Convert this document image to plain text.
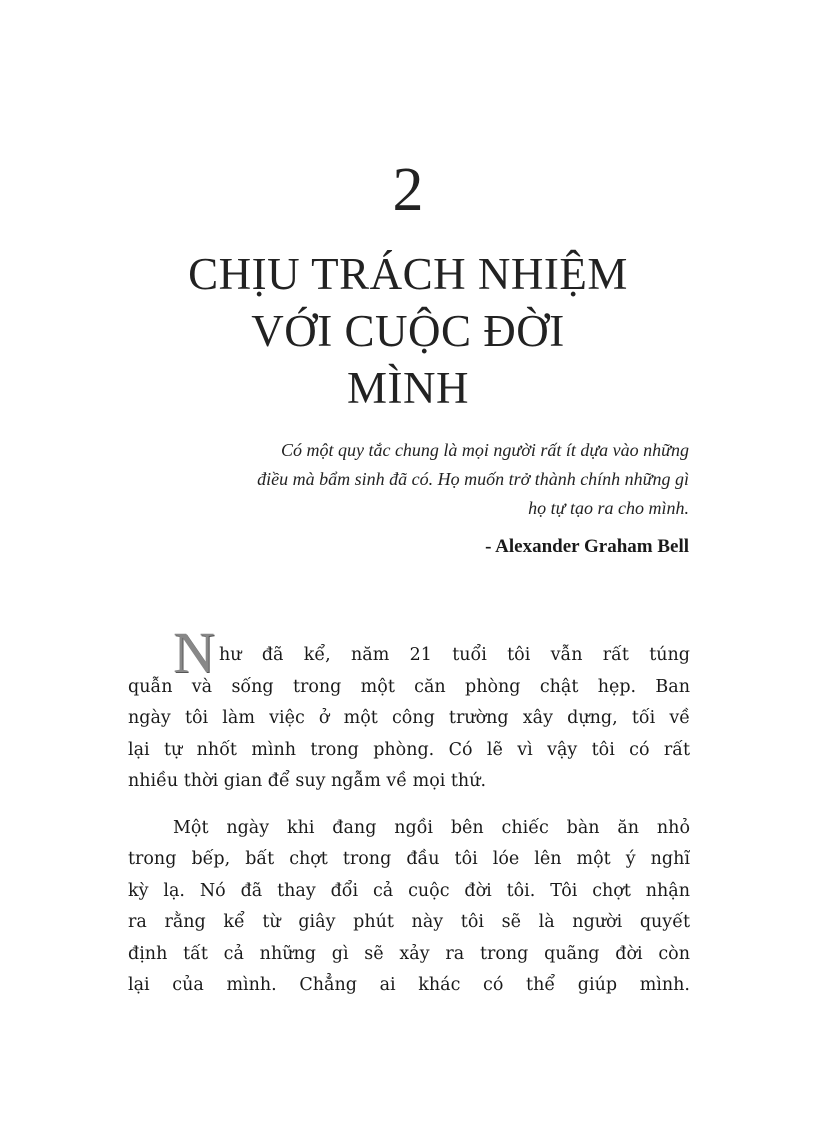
2
CHỊU TRÁCH NHIỆM
VỚI CUỘC ĐỜI
MÌNH

Có một quy tắc chung là mọi người rất ít dựa vào những
điều mà bẩm sinh đã có. Họ muốn trở thành chính những gì
họ tự tạo ra cho mình.

- Alexander Graham Bell
N hư đã kể, năm 21 tuổi tôi vẫn rất túng
quẫn và sống trong một căn phòng chật hẹp. Ban
ngày tôi làm việc ở một công trường xây dựng, tối về
lại tự nhốt mình trong phòng. Có lẽ vì vậy tôi có rất
nhiều thời gian để suy ngẫm về mọi thứ.
Một ngày khi đang ngồi bên chiếc bàn ăn nhỏ
trong bếp, bất chợt trong đầu tôi lóe lên một ý nghĩ
kỳ lạ. Nó đã thay đổi cả cuộc đời tôi. Tôi chợt nhận
ra rằng kể từ giây phút này tôi sẽ là người quyết
định tất cả những gì sẽ xảy ra trong quãng đời còn
lại của mình. Chẳng ai khác có thể giúp mình.
